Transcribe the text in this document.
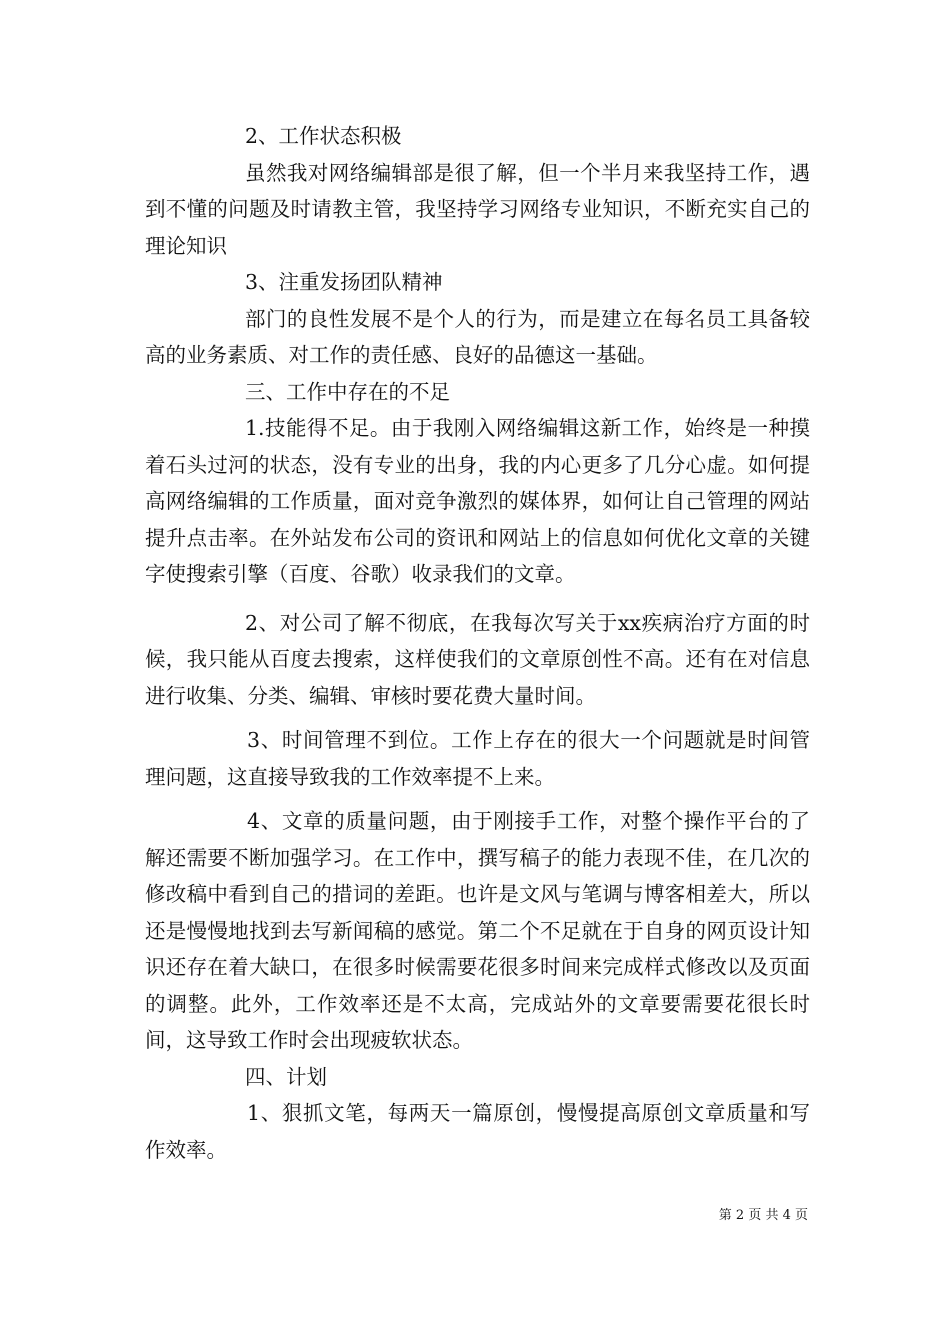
2、工作状态积极

虽然我对网络编辑部是很了解，但一个半月来我坚持工作，遇到不懂的问题及时请教主管，我坚持学习网络专业知识，不断充实自己的理论知识

3、注重发扬团队精神

部门的良性发展不是个人的行为，而是建立在每名员工具备较高的业务素质、对工作的责任感、良好的品德这一基础。

三、工作中存在的不足

1.技能得不足。由于我刚入网络编辑这新工作，始终是一种摸着石头过河的状态，没有专业的出身，我的内心更多了几分心虚。如何提高网络编辑的工作质量，面对竞争激烈的媒体界，如何让自己管理的网站提升点击率。在外站发布公司的资讯和网站上的信息如何优化文章的关键字使搜索引擎（百度、谷歌）收录我们的文章。

2、对公司了解不彻底，在我每次写关于xx疾病治疗方面的时候，我只能从百度去搜索，这样使我们的文章原创性不高。还有在对信息进行收集、分类、编辑、审核时要花费大量时间。

3、时间管理不到位。工作上存在的很大一个问题就是时间管理问题，这直接导致我的工作效率提不上来。

4、文章的质量问题，由于刚接手工作，对整个操作平台的了解还需要不断加强学习。在工作中，撰写稿子的能力表现不佳，在几次的修改稿中看到自己的措词的差距。也许是文风与笔调与博客相差大，所以还是慢慢地找到去写新闻稿的感觉。第二个不足就在于自身的网页设计知识还存在着大缺口，在很多时候需要花很多时间来完成样式修改以及页面的调整。此外，工作效率还是不太高，完成站外的文章要需要花很长时间，这导致工作时会出现疲软状态。

四、计划

1、狠抓文笔，每两天一篇原创，慢慢提高原创文章质量和写作效率。

第 2 页 共 4 页
